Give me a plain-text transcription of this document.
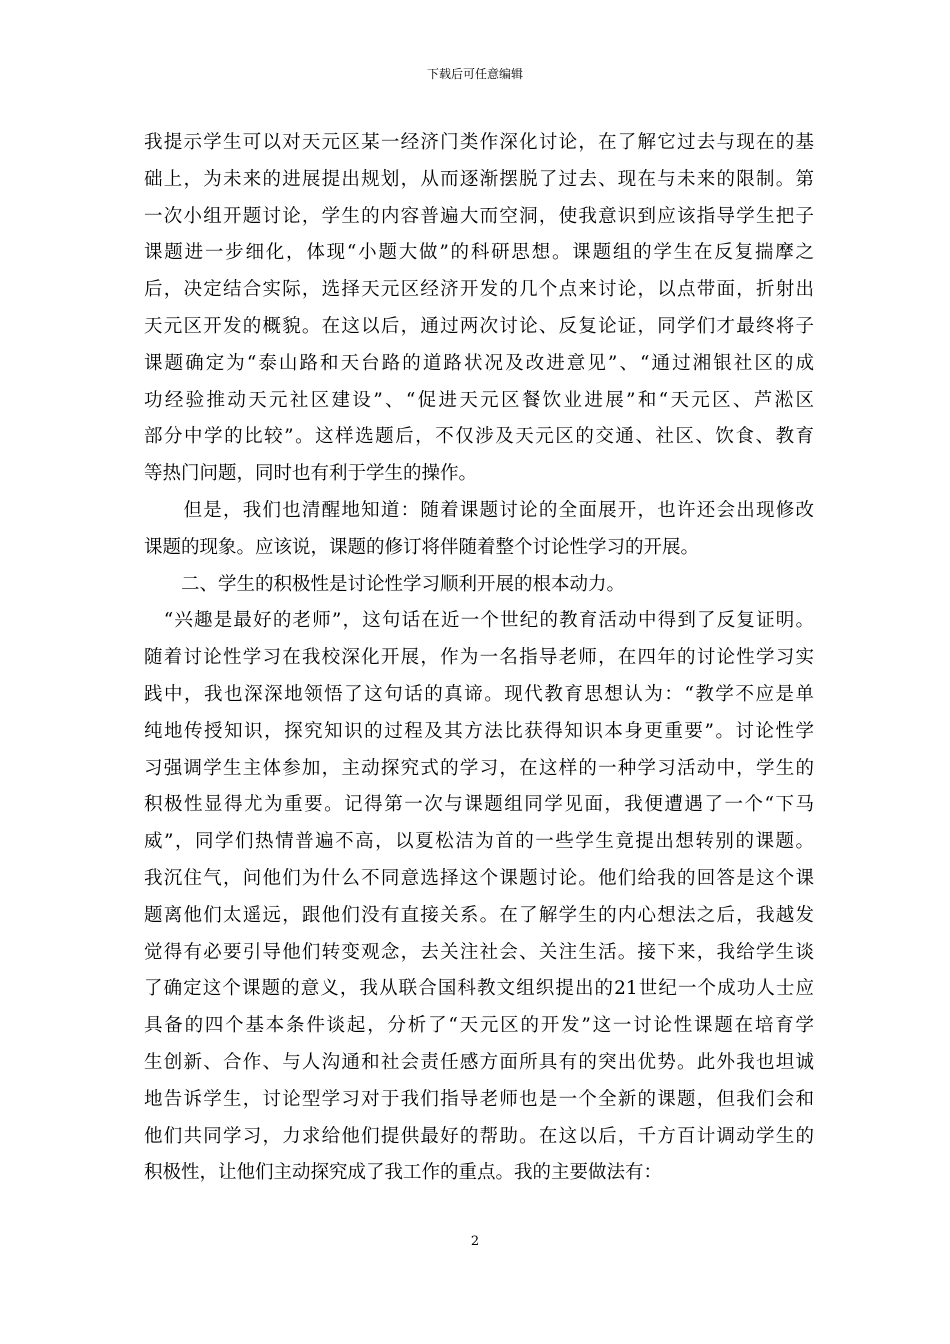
下载后可任意编辑
我提示学生可以对天元区某一经济门类作深化讨论，在了解它过去与现在的基
础上，为未来的进展提出规划，从而逐渐摆脱了过去、现在与未来的限制。第
一次小组开题讨论，学生的内容普遍大而空洞，使我意识到应该指导学生把子
课题进一步细化，体现“小题大做”的科研思想。课题组的学生在反复揣摩之
后，决定结合实际，选择天元区经济开发的几个点来讨论，以点带面，折射出
天元区开发的概貌。在这以后，通过两次讨论、反复论证，同学们才最终将子
课题确定为“泰山路和天台路的道路状况及改进意见”、“通过湘银社区的成
功经验推动天元社区建设”、“促进天元区餐饮业进展”和“天元区、芦淞区
部分中学的比较”。这样选题后，不仅涉及天元区的交通、社区、饮食、教育
等热门问题，同时也有利于学生的操作。
　　但是，我们也清醒地知道：随着课题讨论的全面展开，也许还会出现修改
课题的现象。应该说，课题的修订将伴随着整个讨论性学习的开展。
　　二、学生的积极性是讨论性学习顺利开展的根本动力。
　“兴趣是最好的老师”，这句话在近一个世纪的教育活动中得到了反复证明。
随着讨论性学习在我校深化开展，作为一名指导老师，在四年的讨论性学习实
践中，我也深深地领悟了这句话的真谛。现代教育思想认为：“教学不应是单
纯地传授知识，探究知识的过程及其方法比获得知识本身更重要”。讨论性学
习强调学生主体参加，主动探究式的学习，在这样的一种学习活动中，学生的
积极性显得尤为重要。记得第一次与课题组同学见面，我便遭遇了一个“下马
威”，同学们热情普遍不高，以夏松洁为首的一些学生竟提出想转别的课题。
我沉住气，问他们为什么不同意选择这个课题讨论。他们给我的回答是这个课
题离他们太遥远，跟他们没有直接关系。在了解学生的内心想法之后，我越发
觉得有必要引导他们转变观念，去关注社会、关注生活。接下来，我给学生谈
了确定这个课题的意义，我从联合国科教文组织提出的21世纪一个成功人士应
具备的四个基本条件谈起，分析了“天元区的开发”这一讨论性课题在培育学
生创新、合作、与人沟通和社会责任感方面所具有的突出优势。此外我也坦诚
地告诉学生，讨论型学习对于我们指导老师也是一个全新的课题，但我们会和
他们共同学习，力求给他们提供最好的帮助。在这以后，千方百计调动学生的
积极性，让他们主动探究成了我工作的重点。我的主要做法有：
2
